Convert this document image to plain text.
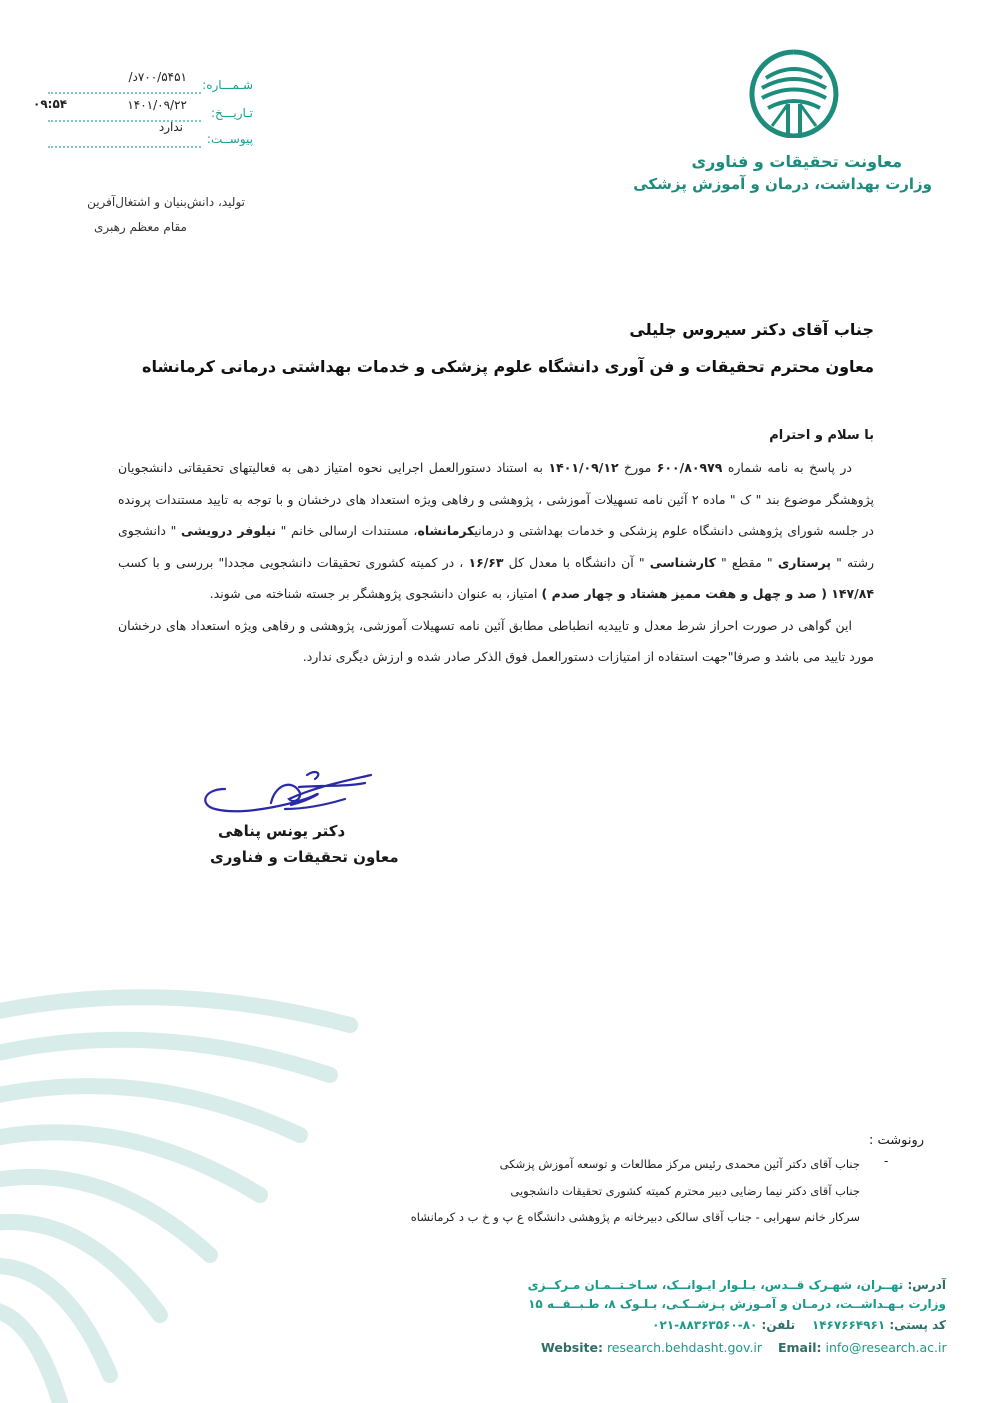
شـمـــاره:
۷۰۰/۵۴۵۱د/
تـاریـــخ:
۱۴۰۱/۰۹/۲۲
۰۹:۵۴
پیوســت:
ندارد
تولید، دانش‌بنیان و اشتغال‌آفرین
مقام معظم رهبری
معاونت تحقیقات و فناوری
وزارت بهداشت، درمان و آموزش پزشکی
جناب آقای دکتر سیروس جلیلی
معاون محترم تحقیقات و فن آوری دانشگاه علوم پزشکی و خدمات بهداشتی درمانی کرمانشاه
با سلام و احترام

در پاسخ به نامه شماره ۶۰۰/۸۰۹۷۹ مورخ ۱۴۰۱/۰۹/۱۲ به استناد دستورالعمل اجرایی نحوه امتیاز دهی به فعالیتهای تحقیقاتی دانشجویان پژوهشگر موضوع بند " ک " ماده ۲ آئین نامه تسهیلات آموزشی ، پژوهشی و رفاهی ویژه استعداد های درخشان و با توجه به تایید مستندات پرونده در جلسه شورای پژوهشی دانشگاه علوم پزشکی و خدمات بهداشتی و درمانیکرمانشاه، مستندات ارسالی خانم " نیلوفر درویشی " دانشجوی رشته " پرستاری " مقطع " کارشناسی " آن دانشگاه با معدل کل ۱۶/۶۳ ، در کمیته کشوری تحقیقات دانشجویی مجددا" بررسی و با کسب ۱۴۷/۸۴ ( صد و چهل و هفت ممیز هشتاد و چهار صدم ) امتیاز، به عنوان دانشجوی پژوهشگر بر جسته شناخته می شوند.

این گواهی در صورت احراز شرط معدل و تاییدیه انطباطی مطابق آئین نامه تسهیلات آموزشی، پژوهشی و رفاهی ویژه استعداد های درخشان مورد تایید می باشد و صرفا"جهت استفاده از امتیازات دستورالعمل فوق الذکر صادر شده و ارزش دیگری ندارد.

دکتر یونس پناهی
معاون تحقیقات و فناوری
رونوشت :
-
جناب آقای دکتر آئین محمدی رئیس مرکز مطالعات و توسعه آموزش پزشکی
جناب آقای دکتر نیما رضایی دبیر محترم کمیته کشوری تحقیقات دانشجویی
سرکار خانم سهرابی - جناب آقای سالکی دبیرخانه م پژوهشی دانشگاه ع پ و خ ب د کرمانشاه
آدرس: تهــران، شهـرک قــدس، بـلـوار ایـوانــک، سـاخـتــمـان مـرکــزی
وزارت بـهـداشــت، درمـان و آمـوزش پـزشــکـی، بـلـوک ۸، طـبــقــه ۱۵
کد پستی: ۱۴۶۷۶۶۴۹۶۱    تلفن: ۸۰-۸۸۳۶۳۵۶۰-۰۲۱
Website: research.behdasht.gov.ir Email: info@research.ac.ir
